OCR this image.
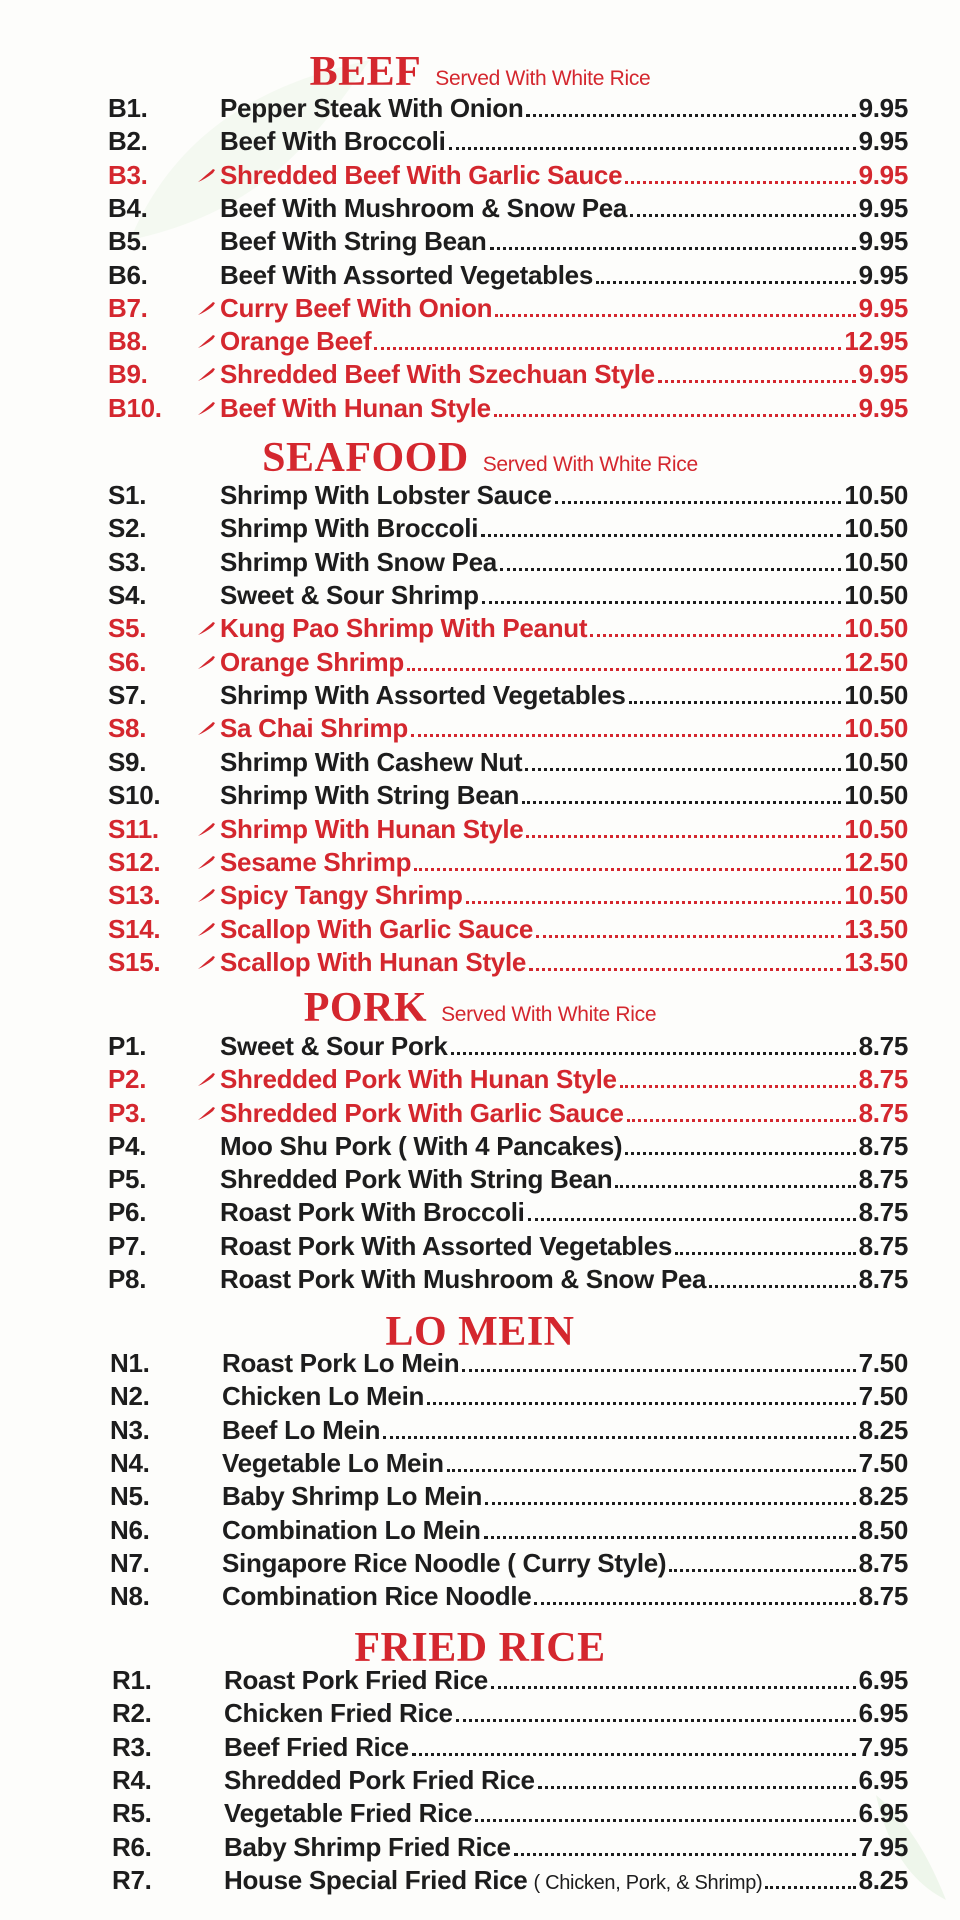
BEEF Served With White Rice
B1.	Pepper Steak With Onion	9.95
B2.	Beef With Broccoli	9.95
B3.	Shredded Beef With Garlic Sauce	9.95
B4.	Beef With Mushroom & Snow Pea	9.95
B5.	Beef With String Bean	9.95
B6.	Beef With Assorted Vegetables	9.95
B7.	Curry Beef With Onion	9.95
B8.	Orange Beef	12.95
B9.	Shredded Beef With Szechuan Style	9.95
B10.	Beef With Hunan Style	9.95
SEAFOOD Served With White Rice
S1.	Shrimp With Lobster Sauce	10.50
S2.	Shrimp With Broccoli	10.50
S3.	Shrimp With Snow Pea	10.50
S4.	Sweet & Sour Shrimp	10.50
S5.	Kung Pao Shrimp With Peanut	10.50
S6.	Orange Shrimp	12.50
S7.	Shrimp With Assorted Vegetables	10.50
S8.	Sa Chai Shrimp	10.50
S9.	Shrimp With Cashew Nut	10.50
S10.	Shrimp With String Bean	10.50
S11.	Shrimp With Hunan Style	10.50
S12.	Sesame Shrimp	12.50
S13.	Spicy Tangy Shrimp	10.50
S14.	Scallop With Garlic Sauce	13.50
S15.	Scallop With Hunan Style	13.50
PORK Served With White Rice
P1.	Sweet & Sour Pork	8.75
P2.	Shredded Pork With Hunan Style	8.75
P3.	Shredded Pork With Garlic Sauce	8.75
P4.	Moo Shu Pork ( With 4 Pancakes)	8.75
P5.	Shredded Pork With String Bean	8.75
P6.	Roast Pork With Broccoli	8.75
P7.	Roast Pork With Assorted Vegetables	8.75
P8.	Roast Pork With Mushroom & Snow Pea	8.75
LO MEIN
N1.	Roast Pork Lo Mein	7.50
N2.	Chicken Lo Mein	7.50
N3.	Beef Lo Mein	8.25
N4.	Vegetable Lo Mein	7.50
N5.	Baby Shrimp Lo Mein	8.25
N6.	Combination Lo Mein	8.50
N7.	Singapore Rice Noodle ( Curry Style)	8.75
N8.	Combination Rice Noodle	8.75
FRIED RICE
R1.	Roast Pork Fried Rice	6.95
R2.	Chicken Fried Rice	6.95
R3.	Beef Fried Rice	7.95
R4.	Shredded Pork Fried Rice	6.95
R5.	Vegetable Fried Rice	6.95
R6.	Baby Shrimp Fried Rice	7.95
R7.	House Special Fried Rice ( Chicken, Pork, & Shrimp)	8.25
